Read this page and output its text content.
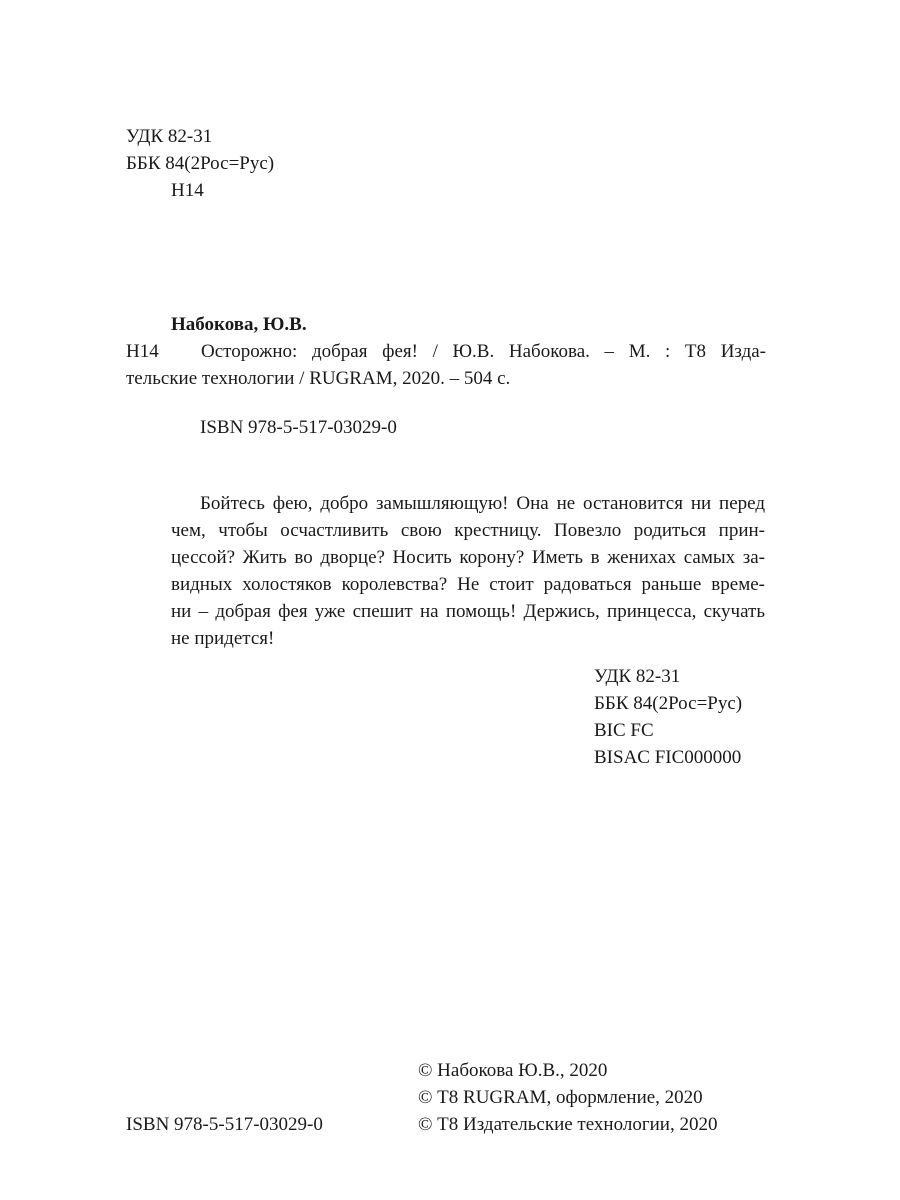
УДК 82-31
ББК 84(2Рос=Рус)
Н14
Набокова, Ю.В.
Н14	Осторожно: добрая фея! / Ю.В. Набокова. – М. : Т8 Изда-
тельские технологии / RUGRAM, 2020. – 504 с.
ISBN 978-5-517-03029-0
Бойтесь фею, добро замышляющую! Она не остановится ни перед
чем, чтобы осчастливить свою крестницу. Повезло родиться прин-
цессой? Жить во дворце? Носить корону? Иметь в женихах самых за-
видных холостяков королевства? Не стоит радоваться раньше време-
ни – добрая фея уже спешит на помощь! Держись, принцесса, скучать
не придется!
УДК 82-31
ББК 84(2Рос=Рус)
BIC FC
BISAC FIC000000
ISBN 978-5-517-03029-0
© Набокова Ю.В., 2020
© Т8 RUGRAM, оформление, 2020
© Т8 Издательские технологии, 2020
